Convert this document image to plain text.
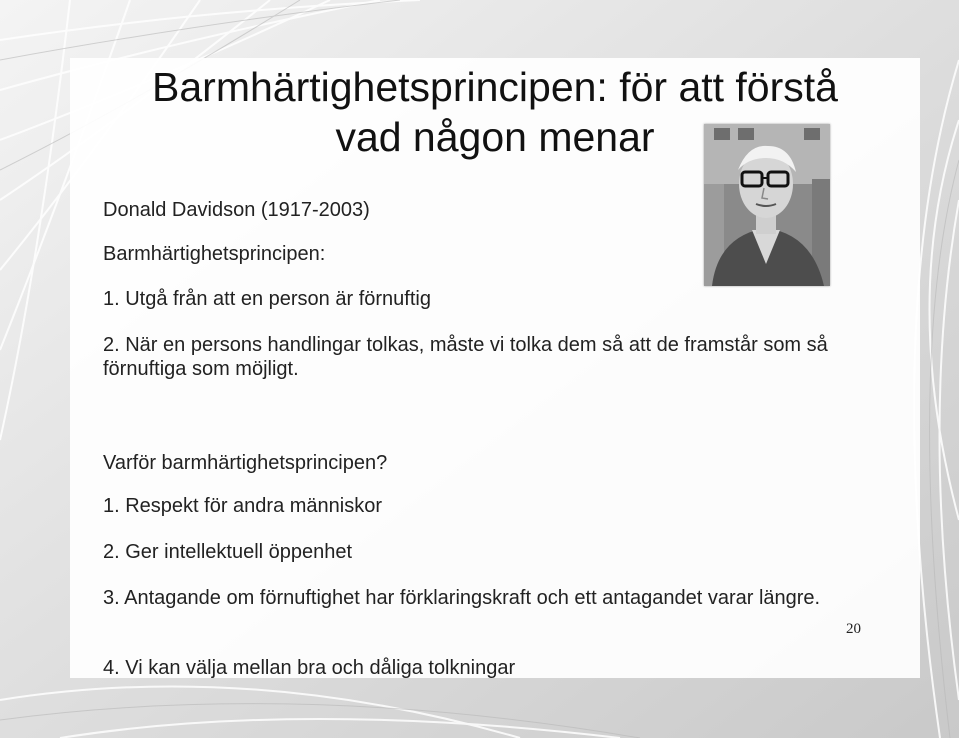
Barmhärtighetsprincipen: för att förstå
vad någon menar
Donald Davidson (1917-2003)
Barmhärtighetsprincipen:
1. Utgå från att en person är förnuftig
2. När en persons handlingar tolkas, måste vi tolka dem så att de framstår som så förnuftiga som möjligt.
Varför barmhärtighetsprincipen?
1. Respekt för andra människor
2. Ger intellektuell öppenhet
3. Antagande om förnuftighet har förklaringskraft och ett antagandet varar längre.
4. Vi kan välja mellan bra och dåliga tolkningar
20
